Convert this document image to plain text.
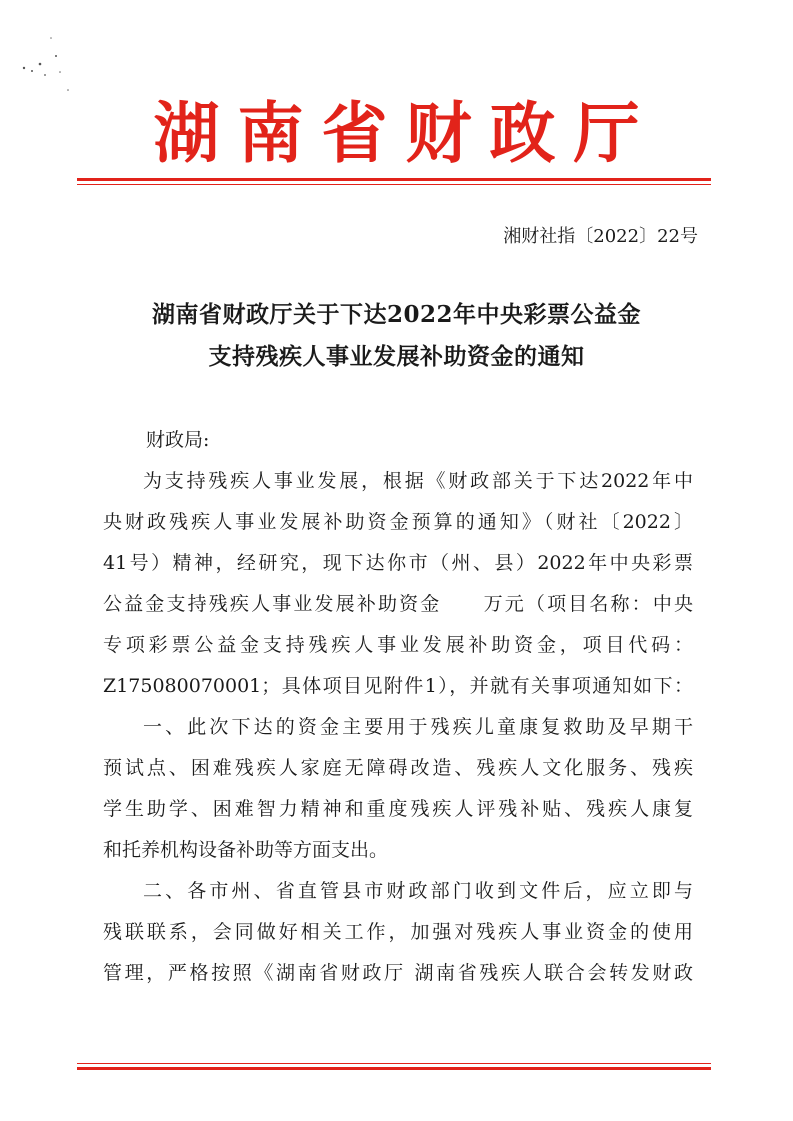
湖南省财政厅
湘财社指〔2022〕22号
湖南省财政厅关于下达2022年中央彩票公益金
支持残疾人事业发展补助资金的通知
财政局:
为支持残疾人事业发展，根据《财政部关于下达2022年中
央财政残疾人事业发展补助资金预算的通知》（财社〔2022〕
41号）精神，经研究，现下达你市（州、县）2022年中央彩票
公益金支持残疾人事业发展补助资金 万元（项目名称：中央
专项彩票公益金支持残疾人事业发展补助资金，项目代码：
Z175080070001；具体项目见附件1），并就有关事项通知如下：
一、此次下达的资金主要用于残疾儿童康复救助及早期干
预试点、困难残疾人家庭无障碍改造、残疾人文化服务、残疾
学生助学、困难智力精神和重度残疾人评残补贴、残疾人康复
和托养机构设备补助等方面支出。
二、各市州、省直管县市财政部门收到文件后，应立即与
残联联系，会同做好相关工作，加强对残疾人事业资金的使用
管理，严格按照《湖南省财政厅 湖南省残疾人联合会转发财政
